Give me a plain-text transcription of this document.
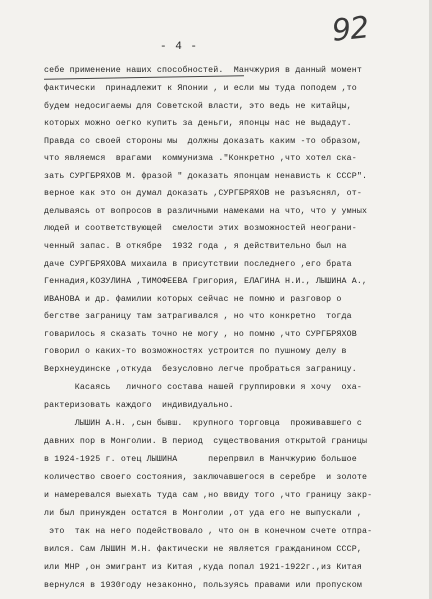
- 4 -	92
себе применение наших способностей.  Манчжурия в данный момент
фактически  принадлежит к Японии , и если мы туда поподем ,то
будем недосигаемы для Советской власти, это ведь не китайцы,
которых можно оегко купить за деньги, японцы нас не выдадут.
Правда со своей стороны мы  должны доказать каким -то образом,
что являемся  врагами  коммунизма ."Конкретно ,что хотел ска-
зать СУРГБРЯХОВ М. фразой " доказать японцам ненависть к СССР".
верное как это он думал доказать ,СУРГБРЯХОВ не разъяснял, от-
делываясь от вопросов в различными намеками на что, что у умных
людей и соответствующей  смелости этих возможностей неограни-
ченный запас. В откябре  1932 года , я действительно был на
даче СУРГБРЯХОВА михаила в присутствии последнего ,его брата
Геннадия,КОЗУЛИНА ,ТИМОФЕЕВА Григория, ЕЛАГИНА Н.И., ЛЫШИНА А.,
ИВАНОВА и др. фамилии которых сейчас не помню и разговор о
бегстве заграницу там затрагивался , но что конкретно  тогда
говарилось я сказать точно не могу , но помню ,что СУРГБРЯХОВ
говорил о каких-то возможностях устроится по пушному делу в
Верхнеудинске ,откуда  безусловно легче пробраться заграницу.
Касаясь   личного состава нашей группировки я хочу  оха-
рактеризовать каждого  индивидуально.
ЛЫШИН А.Н. ,сын бывш.  крупного торговца  проживавшего с
давних пор в Монголии. В период  существования открытой границы
в 1924-1925 г. отец ЛЫШИНА      перепрвил в Манчжурию большое
количество своего состояния, заключавшегося в серебре  и золоте
и намеревался выехать туда сам ,но ввиду того ,что границу закр-
ли был принужден остатся в Монголии ,от уда его не выпускали ,
это  так на него подействовало , что он в конечном счете отпра-
вился. Сам ЛЫШИН М.Н. фактически не является гражданином СССР,
или МНР ,он эмигрант из Китая ,куда попал 1921-1922г.,из Китая
вернулся в 1930году незаконно, пользуясь правами или пропуском
